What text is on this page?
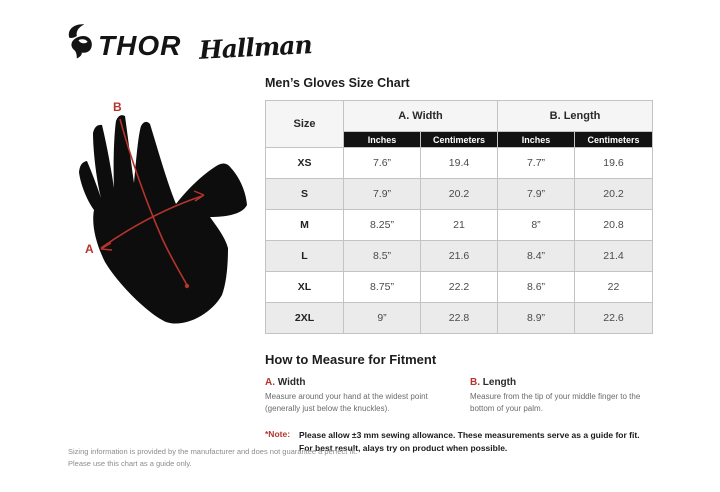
THOR Hallman
B
A
Men’s Gloves Size Chart
Size	A. Width		B. Length	
	Inches	Centimeters	Inches	Centimeters
XS	7.6”	19.4	7.7”	19.6
S	7.9”	20.2	7.9”	20.2
M	8.25”	21	8”	20.8
L	8.5”	21.6	8.4”	21.4
XL	8.75”	22.2	8.6”	22
2XL	9”	22.8	8.9”	22.6
How to Measure for Fitment
A. Width
Measure around your hand at the widest point (generally just below the knuckles).
B. Length
Measure from the tip of your middle finger to the bottom of your palm.
*Note:	Please allow ±3 mm sewing allowance. These measurements serve as a guide for fit. For best result, alays try on product when possible.
Sizing information is provided by the manufacturer and does not guarantee a perfect fit.
Please use this chart as a guide only.
